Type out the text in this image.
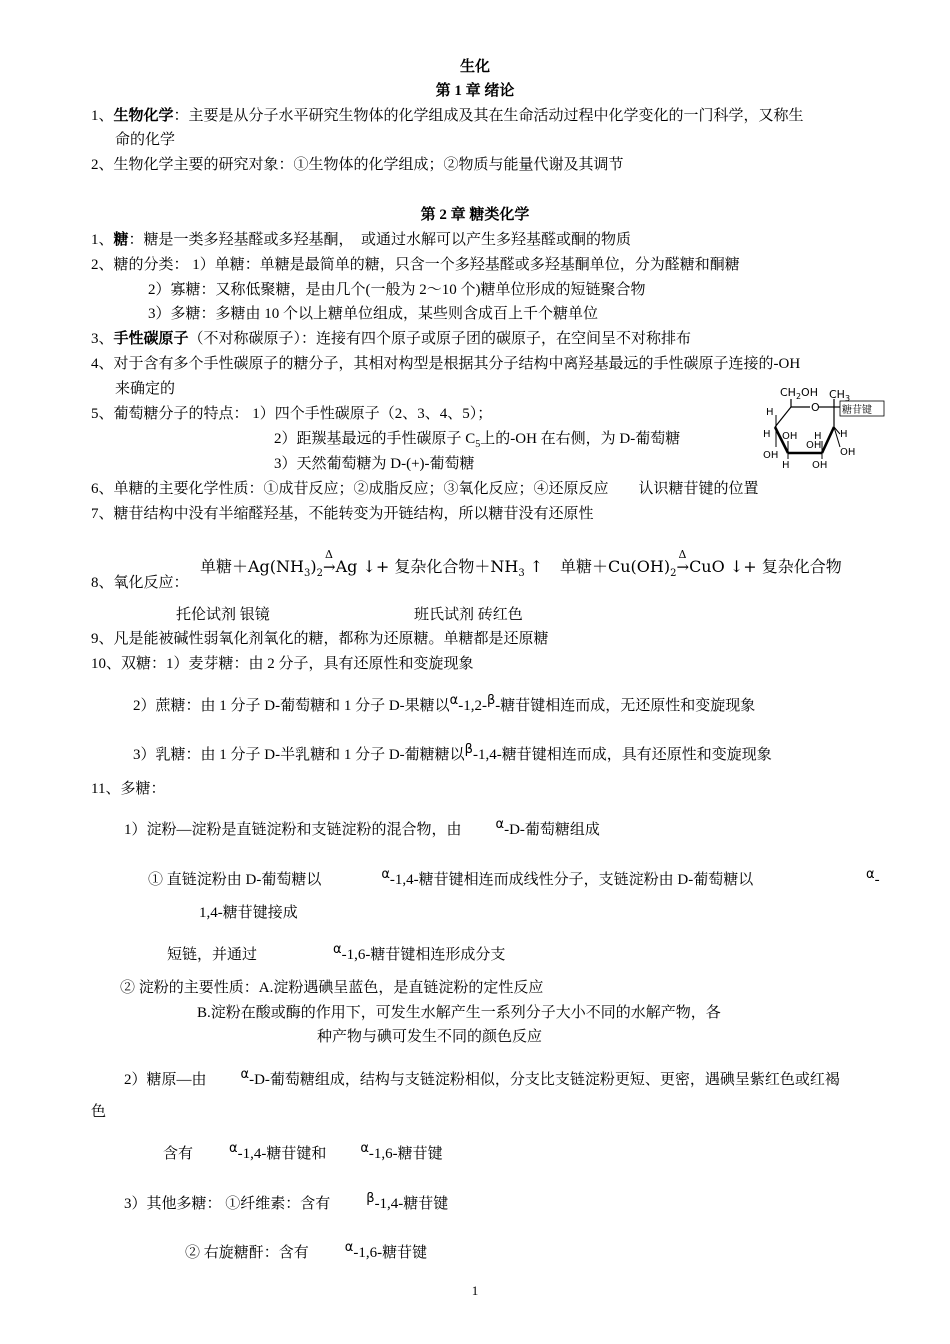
生化
第 1 章 绪论
1、生物化学：主要是从分子水平研究生物体的化学组成及其在生命活动过程中化学变化的一门科学，又称生
命的化学
2、生物化学主要的研究对象：①生物体的化学组成；②物质与能量代谢及其调节
第 2 章 糖类化学
1、糖：糖是一类多羟基醛或多羟基酮，　或通过水解可以产生多羟基醛或酮的物质
2、糖的分类： 1）单糖：单糖是最简单的糖，只含一个多羟基醛或多羟基酮单位，分为醛糖和酮糖
2）寡糖：又称低聚糖，是由几个(一般为 2～10 个)糖单位形成的短链聚合物
3）多糖：多糖由 10 个以上糖单位组成，某些则含成百上千个糖单位
3、手性碳原子（不对称碳原子）：连接有四个原子或原子团的碳原子，在空间呈不对称排布
4、对于含有多个手性碳原子的糖分子，其相对构型是根据其分子结构中离羟基最远的手性碳原子连接的-OH
来确定的
5、葡萄糖分子的特点： 1）四个手性碳原子（2、3、4、5）；
2）距羰基最远的手性碳原子 $C_5$上的-OH 在右侧，为 D-葡萄糖
3）天然葡萄糖为 D-(+)-葡萄糖
$CH_2OH$ $CH_3$
O 糖苷键
H
H OH H H
OH
OH
OH
H OH
6、单糖的主要化学性质：①成苷反应；②成脂反应；③氧化反应；④还原反应　　认识糖苷键的位置
7、糖苷结构中没有半缩醛羟基，不能转变为开链结构，所以糖苷没有还原性
单糖$+Ag(NH_3)_2$
Δ
→Ag ↓+ 复杂化合物$+NH_3$ ↑ 单糖$+Cu(OH)_2$
Δ
→CuO ↓+ 复杂化合物
8、氧化反应：
托伦试剂 银镜	班氏试剂 砖红色
9、凡是能被碱性弱氧化剂氧化的糖，都称为还原糖。单糖都是还原糖
10、双糖：1）麦芽糖：由 2 分子，具有还原性和变旋现象
2）蔗糖：由 1 分子 D-葡萄糖和 1 分子 D-果糖以α-1,2-β-糖苷键相连而成，无还原性和变旋现象
3）乳糖：由 1 分子 D-半乳糖和 1 分子 D-葡糖糖以β-1,4-糖苷键相连而成，具有还原性和变旋现象
11、多糖：
1）淀粉—淀粉是直链淀粉和支链淀粉的混合物，由	α-D-葡萄糖组成
① 直链淀粉由 D-葡萄糖以	α-1,4-糖苷键相连而成线性分子，支链淀粉由 D-葡萄糖以	α-
1,4-糖苷键接成
短链，并通过	α-1,6-糖苷键相连形成分支
② 淀粉的主要性质：A.淀粉遇碘呈蓝色，是直链淀粉的定性反应
B.淀粉在酸或酶的作用下，可发生水解产生一系列分子大小不同的水解产物，各
种产物与碘可发生不同的颜色反应
2）糖原—由	α-D-葡萄糖组成，结构与支链淀粉相似，分支比支链淀粉更短、更密，遇碘呈紫红色或红褐
色
含有	α-1,4-糖苷键和	α-1,6-糖苷键
3）其他多糖： ①纤维素：含有	β-1,4-糖苷键
② 右旋糖酐：含有	α-1,6-糖苷键
1
